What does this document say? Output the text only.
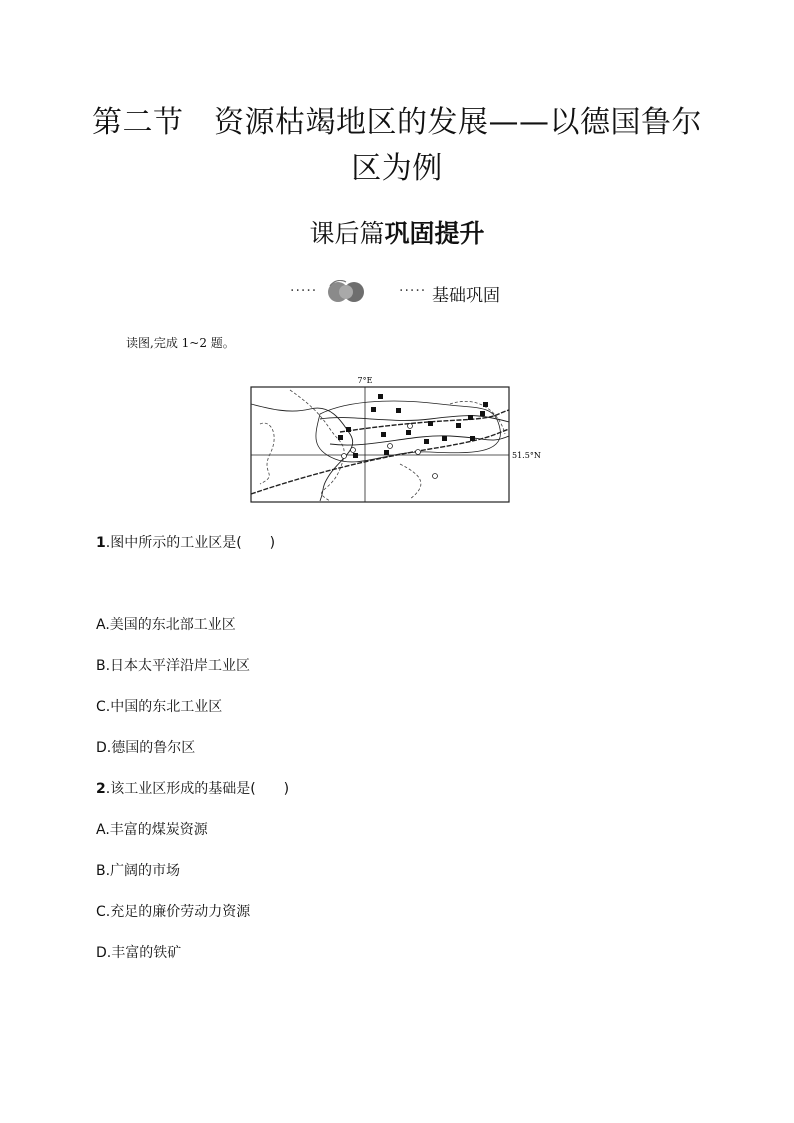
第二节　资源枯竭地区的发展——以德国鲁尔
区为例
课后篇巩固提升
·····	····· 基础巩固
读图,完成 1~2 题。
7°E
51.5°N
1.图中所示的工业区是(　　)
A.美国的东北部工业区
B.日本太平洋沿岸工业区
C.中国的东北工业区
D.德国的鲁尔区
2.该工业区形成的基础是(　　)
A.丰富的煤炭资源
B.广阔的市场
C.充足的廉价劳动力资源
D.丰富的铁矿
